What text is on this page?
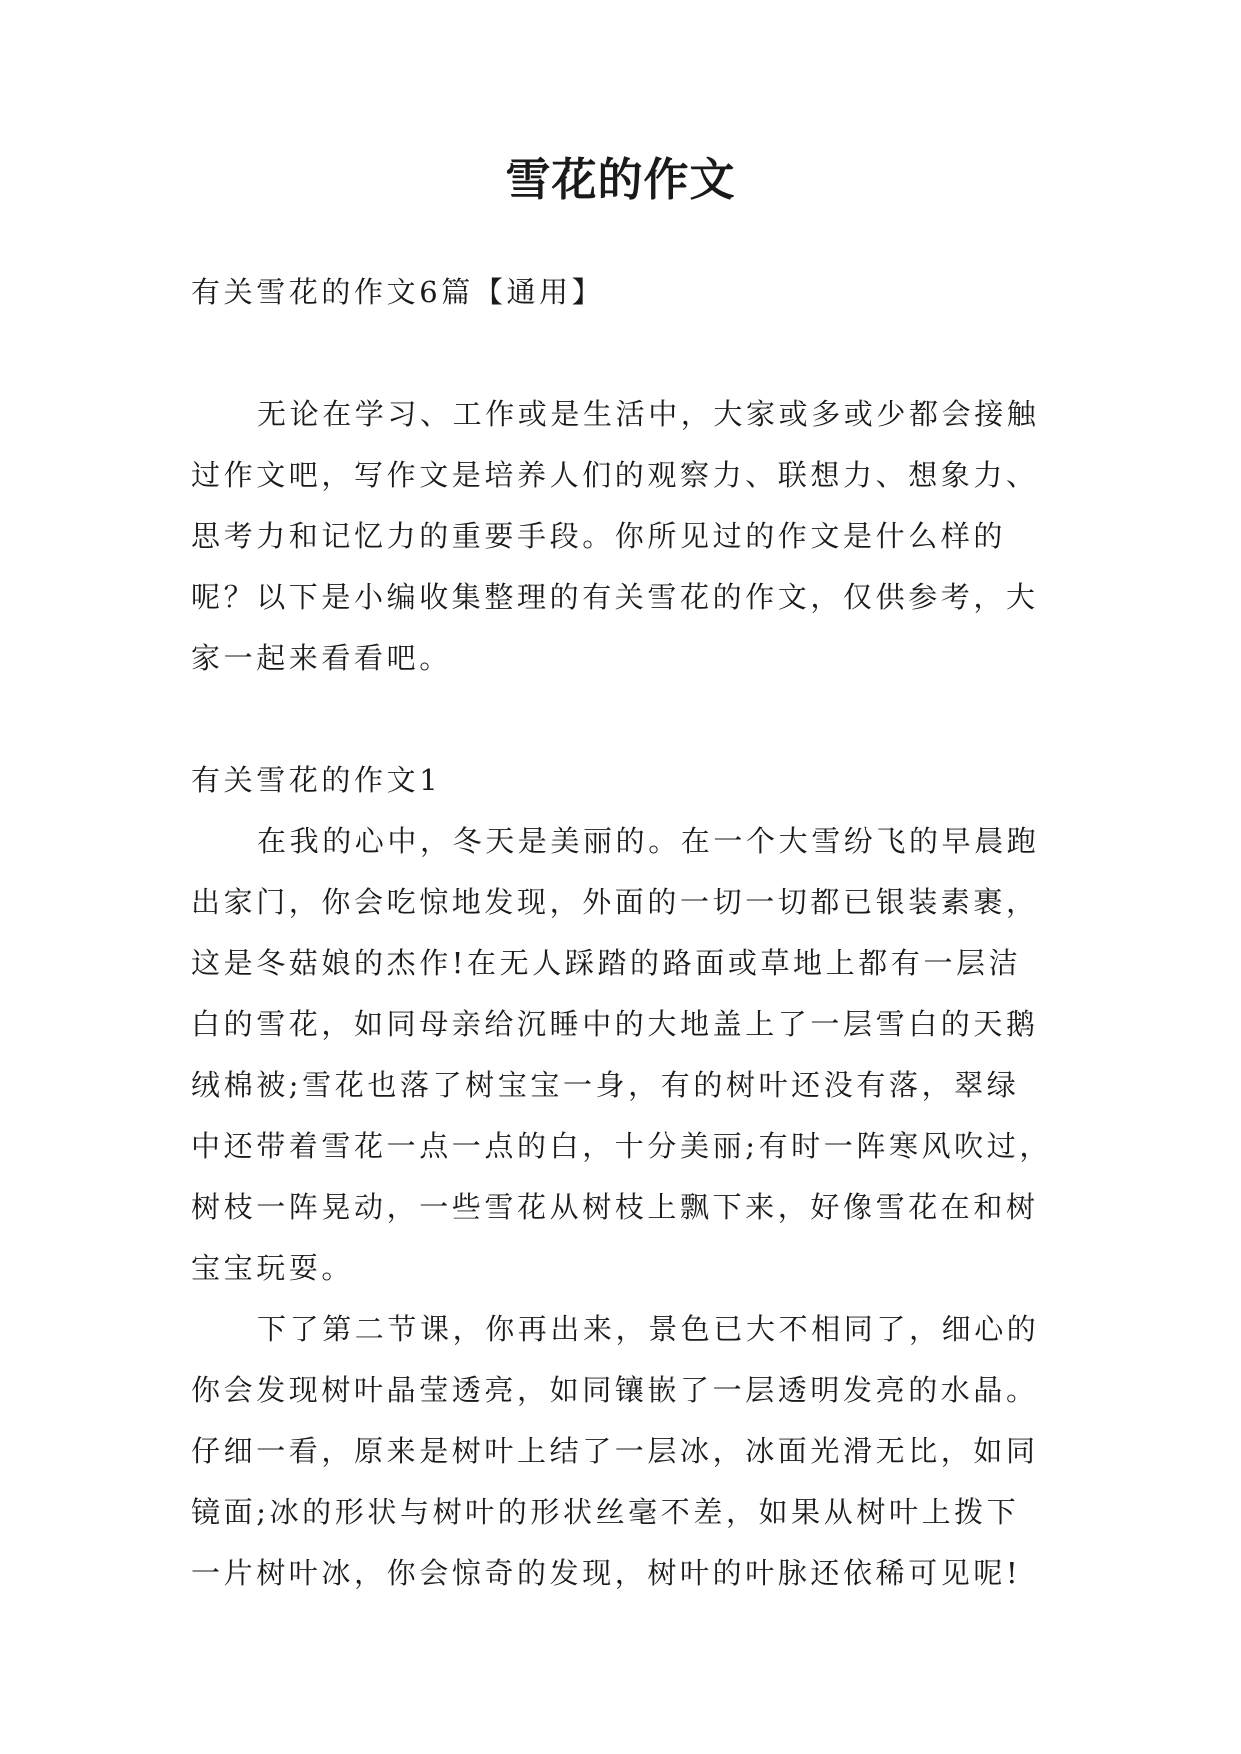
雪花的作文
有关雪花的作文6篇【通用】
无论在学习、工作或是生活中，大家或多或少都会接触
过作文吧，写作文是培养人们的观察力、联想力、想象力、
思考力和记忆力的重要手段。你所见过的作文是什么样的
呢？以下是小编收集整理的有关雪花的作文，仅供参考，大
家一起来看看吧。
有关雪花的作文1
在我的心中，冬天是美丽的。在一个大雪纷飞的早晨跑
出家门，你会吃惊地发现，外面的一切一切都已银装素裹，
这是冬菇娘的杰作!在无人踩踏的路面或草地上都有一层洁
白的雪花，如同母亲给沉睡中的大地盖上了一层雪白的天鹅
绒棉被;雪花也落了树宝宝一身，有的树叶还没有落，翠绿
中还带着雪花一点一点的白，十分美丽;有时一阵寒风吹过，
树枝一阵晃动，一些雪花从树枝上飘下来，好像雪花在和树
宝宝玩耍。
下了第二节课，你再出来，景色已大不相同了，细心的
你会发现树叶晶莹透亮，如同镶嵌了一层透明发亮的水晶。
仔细一看，原来是树叶上结了一层冰，冰面光滑无比，如同
镜面;冰的形状与树叶的形状丝毫不差，如果从树叶上拨下
一片树叶冰，你会惊奇的发现，树叶的叶脉还依稀可见呢!
